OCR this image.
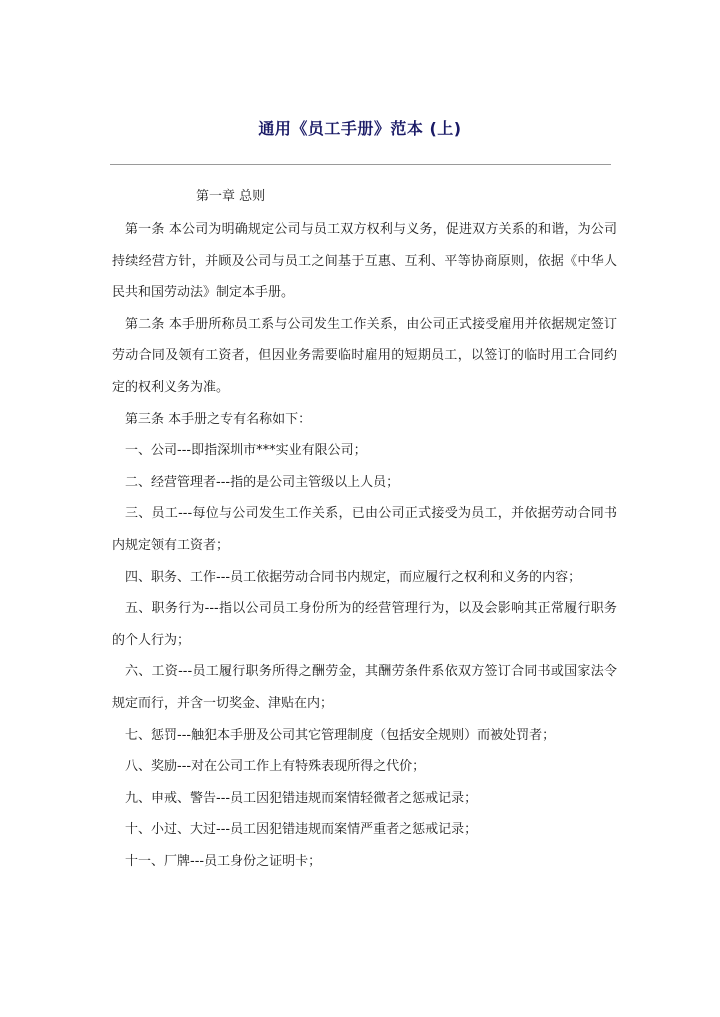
通用《员工手册》范本 (上)
第一章 总则

第一条 本公司为明确规定公司与员工双方权利与义务，促进双方关系的和谐，为公司持续经营方针，并顾及公司与员工之间基于互惠、互利、平等协商原则，依据《中华人民共和国劳动法》制定本手册。

第二条 本手册所称员工系与公司发生工作关系，由公司正式接受雇用并依据规定签订劳动合同及领有工资者，但因业务需要临时雇用的短期员工，以签订的临时用工合同约定的权利义务为准。

第三条 本手册之专有名称如下：

一、公司---即指深圳市***实业有限公司；

二、经营管理者---指的是公司主管级以上人员；

三、员工---每位与公司发生工作关系，已由公司正式接受为员工，并依据劳动合同书内规定领有工资者；

四、职务、工作---员工依据劳动合同书内规定，而应履行之权利和义务的内容；

五、职务行为---指以公司员工身份所为的经营管理行为，以及会影响其正常履行职务的个人行为；

六、工资---员工履行职务所得之酬劳金，其酬劳条件系依双方签订合同书或国家法令规定而行，并含一切奖金、津贴在内；

七、惩罚---触犯本手册及公司其它管理制度（包括安全规则）而被处罚者；

八、奖励---对在公司工作上有特殊表现所得之代价；

九、申戒、警告---员工因犯错违规而案情轻微者之惩戒记录；

十、小过、大过---员工因犯错违规而案情严重者之惩戒记录；

十一、厂牌---员工身份之证明卡；
